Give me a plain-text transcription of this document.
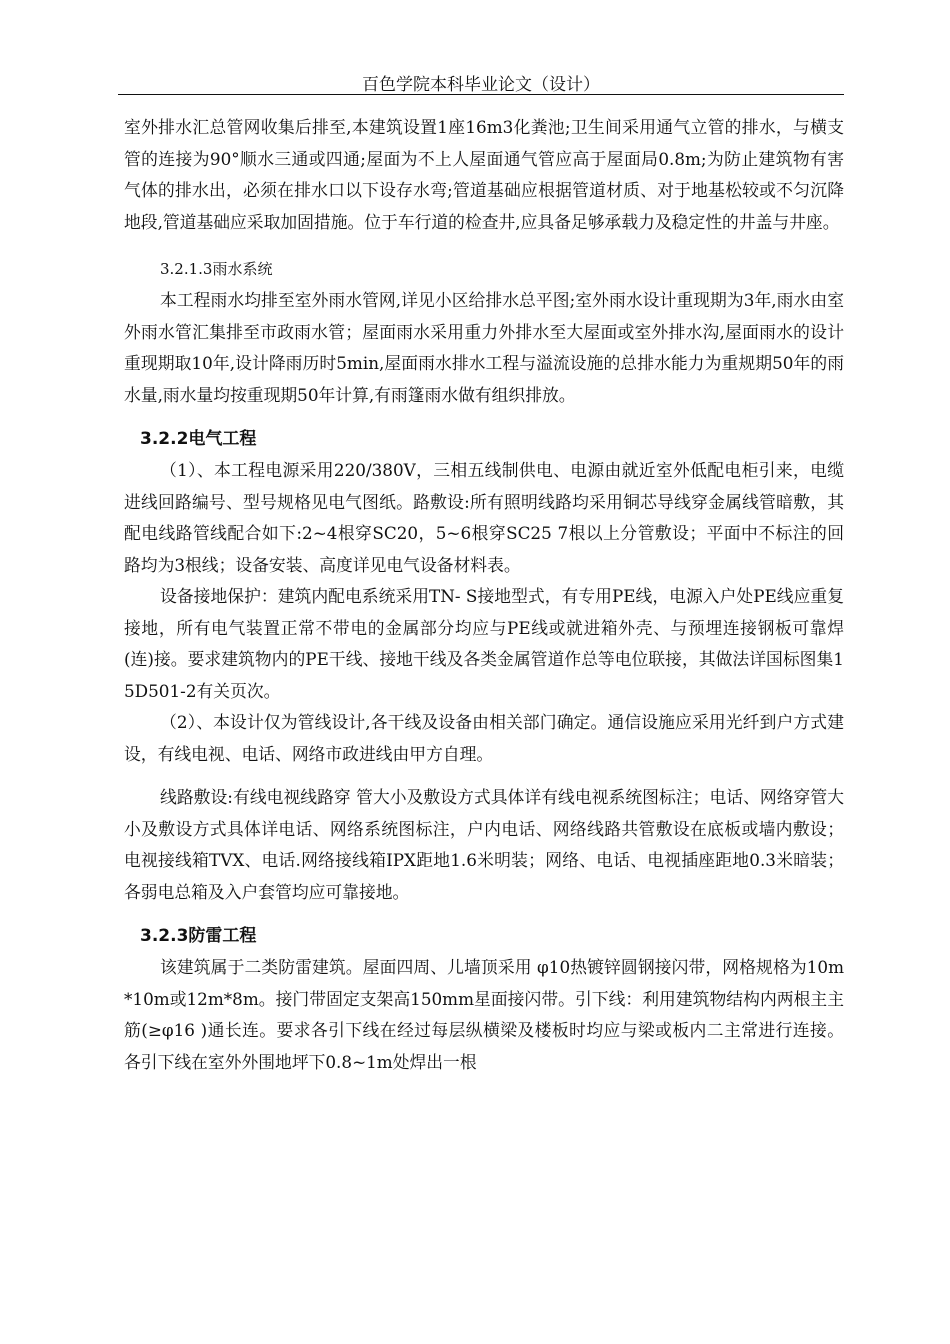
百色学院本科毕业论文（设计）

室外排水汇总管网收集后排至,本建筑设置1座16m3化粪池;卫生间采用通气立管的排水，与横支管的连接为90°顺水三通或四通;屋面为不上人屋面通气管应高于屋面局0.8m;为防止建筑物有害气体的排水出，必须在排水口以下设存水弯;管道基础应根据管道材质、对于地基松较或不匀沉降地段,管道基础应采取加固措施。位于车行道的检查井,应具备足够承载力及稳定性的井盖与井座。

3.2.1.3雨水系统

本工程雨水均排至室外雨水管网,详见小区给排水总平图;室外雨水设计重现期为3年,雨水由室外雨水管汇集排至市政雨水管；屋面雨水采用重力外排水至大屋面或室外排水沟,屋面雨水的设计重现期取10年,设计降雨历时5min,屋面雨水排水工程与溢流设施的总排水能力为重规期50年的雨水量,雨水量均按重现期50年计算,有雨篷雨水做有组织排放。

3.2.2电气工程

（1）、本工程电源采用220/380V，三相五线制供电、电源由就近室外低配电柜引来，电缆进线回路编号、型号规格见电气图纸。路敷设:所有照明线路均采用铜芯导线穿金属线管暗敷，其配电线路管线配合如下:2~4根穿SC20，5~6根穿SC25 7根以上分管敷设；平面中不标注的回路均为3根线；设备安装、高度详见电气设备材料表。

设备接地保护：建筑内配电系统采用TN- S接地型式，有专用PE线，电源入户处PE线应重复接地，所有电气装置正常不带电的金属部分均应与PE线或就进箱外壳、与预埋连接钢板可靠焊(连)接。要求建筑物内的PE干线、接地干线及各类金属管道作总等电位联接，其做法详国标图集15D501-2有关页次。

（2）、本设计仅为管线设计,各干线及设备由相关部门确定。通信设施应采用光纤到户方式建设，有线电视、电话、网络市政进线由甲方自理。

线路敷设:有线电视线路穿 管大小及敷设方式具体详有线电视系统图标注；电话、网络穿管大小及敷设方式具体详电话、网络系统图标注，户内电话、网络线路共管敷设在底板或墙内敷设；电视接线箱TVX、电话.网络接线箱IPX距地1.6米明装；网络、电话、电视插座距地0.3米暗装；各弱电总箱及入户套管均应可靠接地。

3.2.3防雷工程

该建筑属于二类防雷建筑。屋面四周、儿墙顶采用 φ10热镀锌圆钢接闪带，网格规格为10m*10m或12m*8m。接门带固定支架高150mm星面接闪带。引下线：利用建筑物结构内两根主主筋(≥φ16 )通长连。要求各引下线在经过每层纵横梁及楼板时均应与梁或板内二主常进行连接。各引下线在室外外围地坪下0.8~1m处焊出一根
